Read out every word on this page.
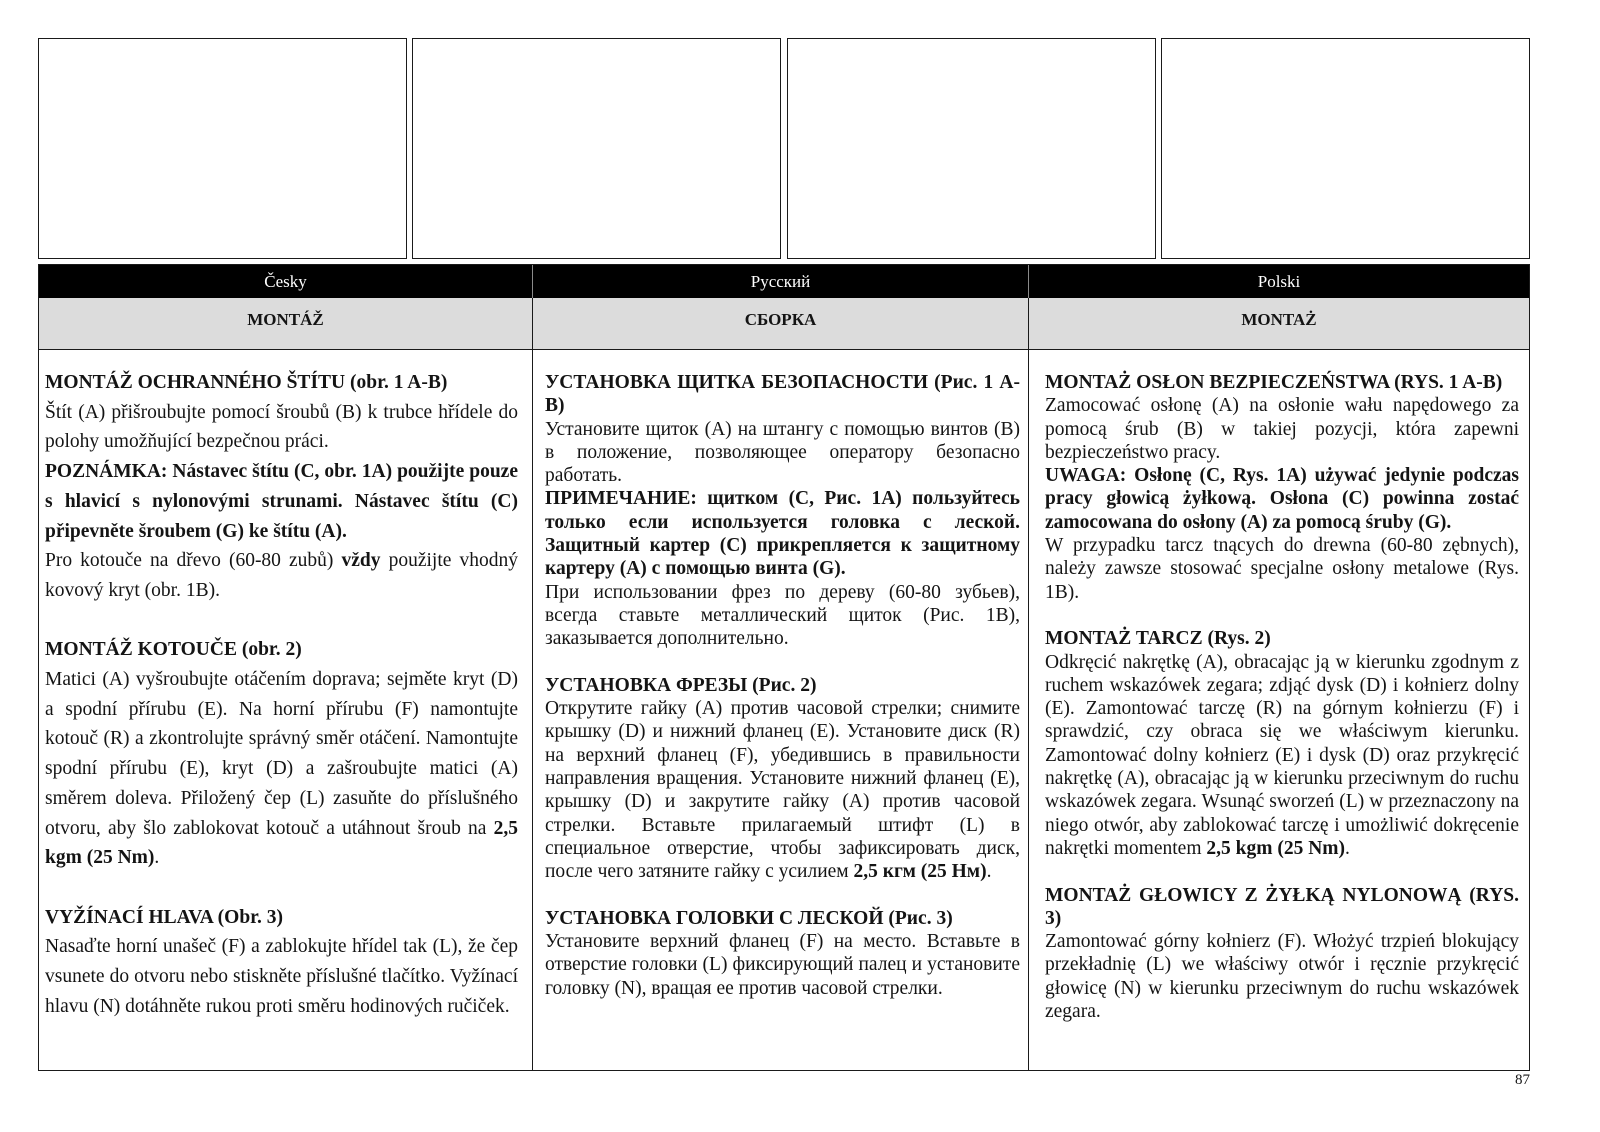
Česky
MONTÁŽ

MONTÁŽ OCHRANNÉHO ŠTÍTU (obr. 1 A-B)

Štít (A) přišroubujte pomocí šroubů (B) k trubce hřídele do polohy umožňující bezpečnou práci.

POZNÁMKA: Nástavec štítu (C, obr. 1A) použijte pouze s hlavicí s nylonovými strunami. Nástavec štítu (C) připevněte šroubem (G) ke štítu (A).

Pro kotouče na dřevo (60-80 zubů) vždy použijte vhodný kovový kryt (obr. 1B).

MONTÁŽ KOTOUČE (obr. 2)

Matici (A) vyšroubujte otáčením doprava; sejměte kryt (D) a spodní přírubu (E). Na horní přírubu (F) namontujte kotouč (R) a zkontrolujte správný směr otáčení. Namontujte spodní přírubu (E), kryt (D) a zašroubujte matici (A) směrem doleva. Přiložený čep (L) zasuňte do příslušného otvoru, aby šlo zablokovat kotouč a utáhnout šroub na 2,5 kgm (25 Nm).

VYŽÍNACÍ HLAVA (Obr. 3)

Nasaďte horní unašeč (F) a zablokujte hřídel tak (L), že čep vsunete do otvoru nebo stiskněte příslušné tlačítko. Vyžínací hlavu (N) dotáhněte rukou proti směru hodinových ručiček.

Русский
СБОРКА

УСТАНОВКА ЩИТКА БЕЗОПАСНОСТИ (Рис. 1 А-В)

Установите щиток (А) на штангу с помощью винтов (В) в положение, позволяющее оператору безопасно работать.

ПРИМЕЧАНИЕ: щитком (С, Рис. 1А) пользуйтесь только если используется головка с леской. Защитный картер (С) прикрепляется к защитному картеру (А) с помощью винта (G).

При использовании фрез по дереву (60-80 зубьев), всегда ставьте металлический щиток (Рис. 1В), заказывается дополнительно.

УСТАНОВКА ФРЕЗЫ (Рис. 2)

Открутите гайку (А) против часовой стрелки; снимите крышку (D) и нижний фланец (Е). Установите диск (R) на верхний фланец (F), убедившись в правильности направления вращения. Установите нижний фланец (Е), крышку (D) и закрутите гайку (А) против часовой стрелки. Вставьте прилагаемый штифт (L) в специальное отверстие, чтобы зафиксировать диск, после чего затяните гайку с усилием 2,5 кгм (25 Нм).

УСТАНОВКА ГОЛОВКИ С ЛЕСКОЙ (Рис. 3)

Установите верхний фланец (F) на место. Вставьте в отверстие головки (L) фиксирующий палец и установите головку (N), вращая ее против часовой стрелки.

Polski
MONTAŻ

MONTAŻ OSŁON BEZPIECZEŃSTWA (RYS. 1 A-B)

Zamocować osłonę (A) na osłonie wału napędowego za pomocą śrub (B) w takiej pozycji, która zapewni bezpieczeństwo pracy.

UWAGA: Osłonę (C, Rys. 1A) używać jedynie podczas pracy głowicą żyłkową. Osłona (C) powinna zostać zamocowana do osłony (A) za pomocą śruby (G).

W przypadku tarcz tnących do drewna (60-80 zębnych), należy zawsze stosować specjalne osłony metalowe (Rys. 1B).

MONTAŻ TARCZ (Rys. 2)

Odkręcić nakrętkę (A), obracając ją w kierunku zgodnym z ruchem wskazówek zegara; zdjąć dysk (D) i kołnierz dolny (E). Zamontować tarczę (R) na górnym kołnierzu (F) i sprawdzić, czy obraca się we właściwym kierunku. Zamontować dolny kołnierz (E) i dysk (D) oraz przykręcić nakrętkę (A), obracając ją w kierunku przeciwnym do ruchu wskazówek zegara. Wsunąć sworzeń (L) w przeznaczony na niego otwór, aby zablokować tarczę i umożliwić dokręcenie nakrętki momentem 2,5 kgm (25 Nm).

MONTAŻ GŁOWICY Z ŻYŁKĄ NYLONOWĄ (RYS. 3)

Zamontować górny kołnierz (F). Włożyć trzpień blokujący przekładnię (L) we właściwy otwór i ręcznie przykręcić głowicę (N) w kierunku przeciwnym do ruchu wskazówek zegara.

87
